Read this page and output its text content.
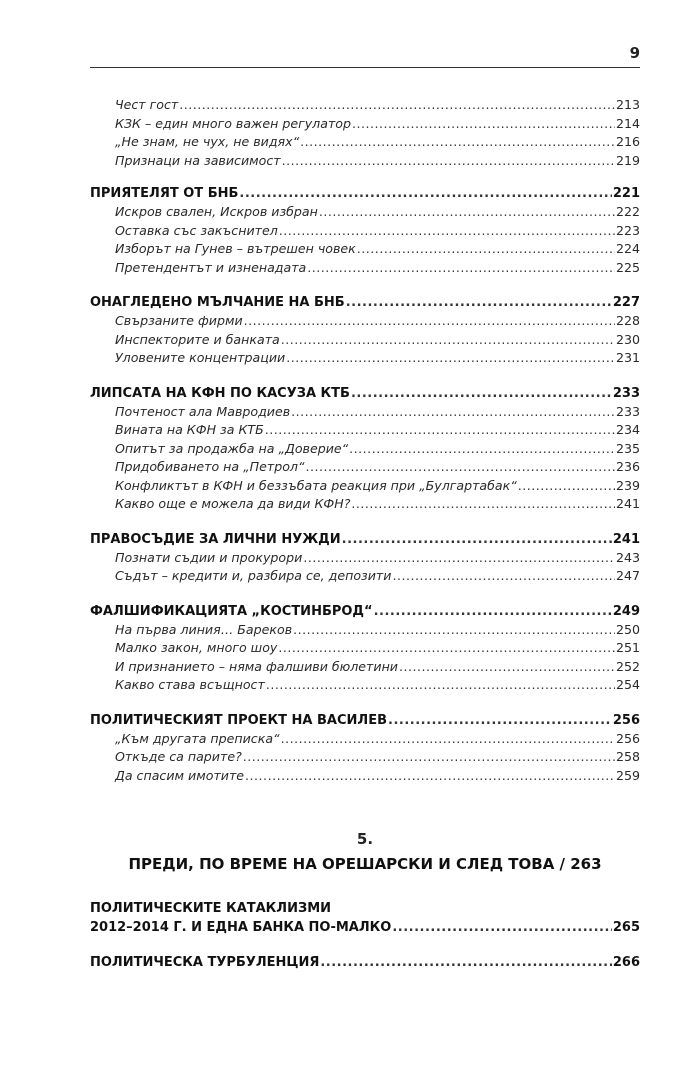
9
Чест гост .....	213
КЗК – един много важен регулатор .....	214
„Не знам, не чух, не видях“ .....	216
Признаци на зависимост .....	219
ПРИЯТЕЛЯТ ОТ БНБ .....	221
Искров свален, Искров избран .....	222
Оставка със закъснител .....	223
Изборът на Гунев – вътрешен човек .....	224
Претендентът и изненадата .....	225
ОНАГЛЕДЕНО МЪЛЧАНИЕ НА БНБ .....	227
Свързаните фирми .....	228
Инспекторите и банката .....	230
Уловените концентрации .....	231
ЛИПСАТА НА КФН ПО КАСУЗА КТБ .....	233
Почтеност ала Мавродиев .....	233
Вината на КФН за КТБ .....	234
Опитът за продажба на „Доверие“ .....	235
Придобиването на „Петрол“ .....	236
Конфликтът в КФН и беззъбата реакция при „Булгартабак“ .....	239
Какво още е можела да види КФН? .....	241
ПРАВОСЪДИЕ ЗА ЛИЧНИ НУЖДИ .....	241
Познати съдии и прокурори .....	243
Съдът – кредити и, разбира се, депозити .....	247
ФАЛШИФИКАЦИЯТА „КОСТИНБРОД“ .....	249
На първа линия… Бареков .....	250
Малко закон, много шоу .....	251
И признанието – няма фалшиви бюлетини .....	252
Какво става всъщност .....	254
ПОЛИТИЧЕСКИЯТ ПРОЕКТ НА ВАСИЛЕВ .....	256
„Към другата преписка“ .....	256
Откъде са парите? .....	258
Да спасим имотите .....	259
5.
ПРЕДИ, ПО ВРЕМЕ НА ОРЕШАРСКИ И СЛЕД ТОВА / 263
ПОЛИТИЧЕСКИТЕ КАТАКЛИЗМИ
2012–2014 Г. И ЕДНА БАНКА ПО-МАЛКО .....	265
ПОЛИТИЧЕСКА ТУРБУЛЕНЦИЯ .....	266
